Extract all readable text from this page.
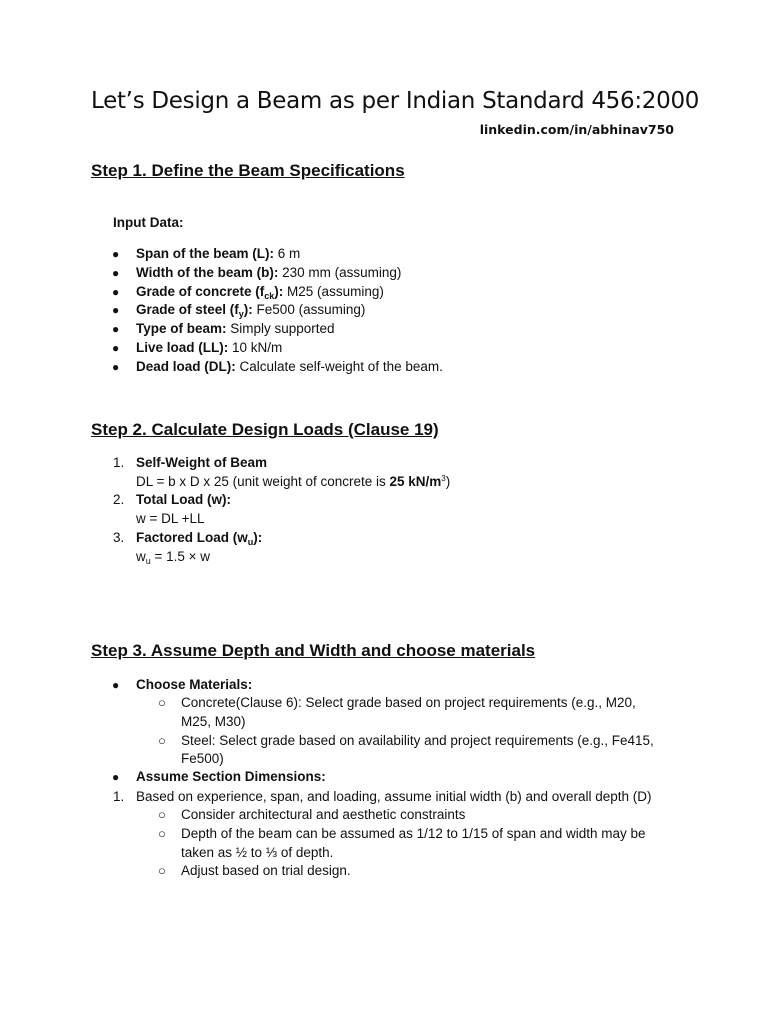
Let’s Design a Beam as per Indian Standard 456:2000
linkedin.com/in/abhinav750
Step 1. Define the Beam Specifications
Input Data:
● Span of the beam (L): 6 m
● Width of the beam (b): 230 mm (assuming)
● Grade of concrete $(f_{ck})$: M25 (assuming)
● Grade of steel $(f_y)$: Fe500 (assuming)
● Type of beam: Simply supported
● Live load (LL): 10 kN/m
● Dead load (DL): Calculate self-weight of the beam.
Step 2. Calculate Design Loads (Clause 19)
1. Self-Weight of Beam
DL = b x D x 25 (unit weight of concrete is 25 $kN/m^3$)
2. Total Load (w):
w = DL +LL
3. Factored Load $(w_u)$:
$w_u = 1.5 \times w$
Step 3. Assume Depth and Width and choose materials
● Choose Materials:
○ Concrete(Clause 6): Select grade based on project requirements (e.g., M20,
M25, M30)
○ Steel: Select grade based on availability and project requirements (e.g., Fe415,
Fe500)
● Assume Section Dimensions:
1. Based on experience, span, and loading, assume initial width (b) and overall depth (D)
○ Consider architectural and aesthetic constraints
○ Depth of the beam can be assumed as 1/12 to 1/15 of span and width may be
taken as ½ to ⅓ of depth.
○ Adjust based on trial design.
